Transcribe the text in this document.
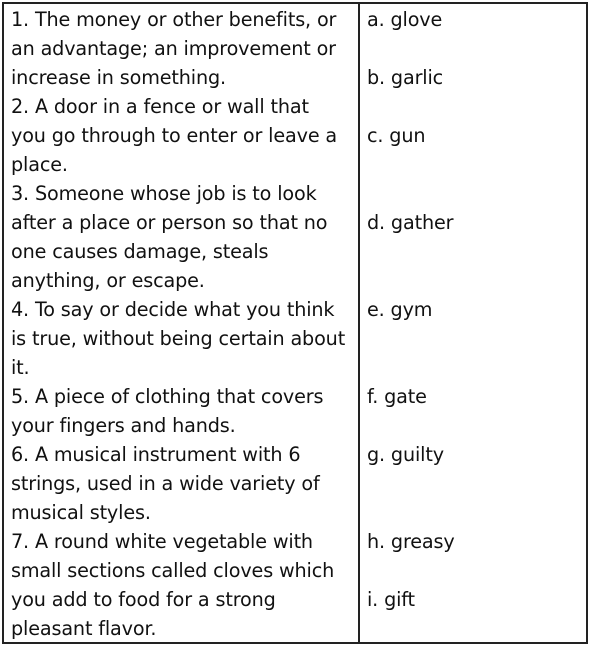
1. The money or other benefits, or
an advantage; an improvement or
increase in something.
2. A door in a fence or wall that
you go through to enter or leave a
place.
3. Someone whose job is to look
after a place or person so that no
one causes damage, steals
anything, or escape.
4. To say or decide what you think
is true, without being certain about
it.
5. A piece of clothing that covers
your fingers and hands.
6. A musical instrument with 6
strings, used in a wide variety of
musical styles.
7. A round white vegetable with
small sections called cloves which
you add to food for a strong
pleasant flavor.
a. glove
b. garlic
c. gun
d. gather
e. gym
f. gate
g. guilty
h. greasy
i. gift
